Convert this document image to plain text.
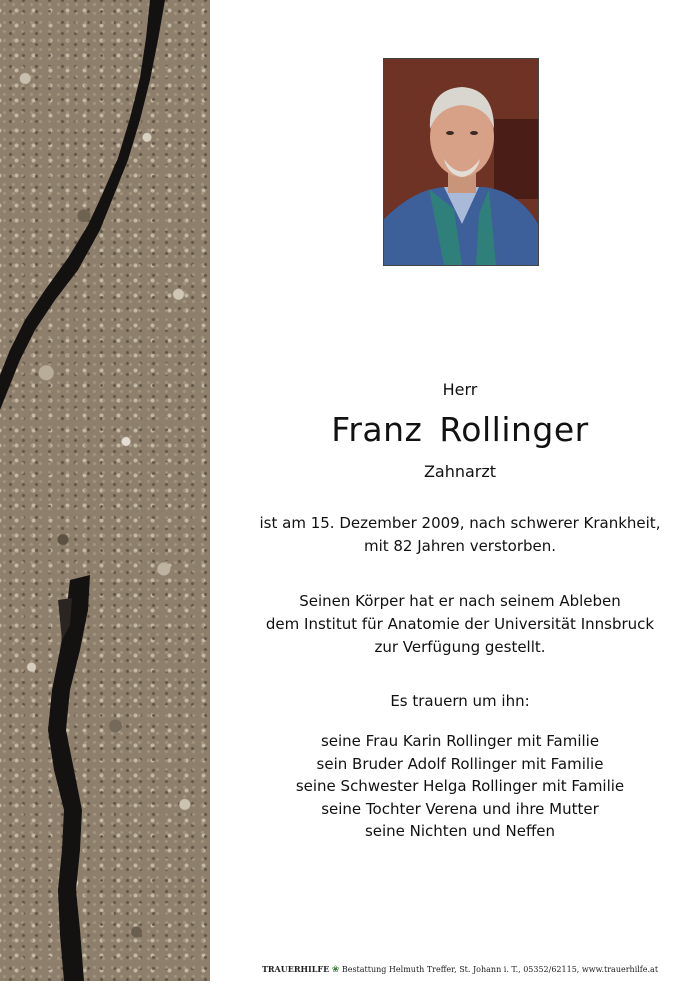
Herr
Franz Rollinger
Zahnarzt
ist am 15. Dezember 2009, nach schwerer Krankheit,
mit 82 Jahren verstorben.
Seinen Körper hat er nach seinem Ableben
dem Institut für Anatomie der Universität Innsbruck
zur Verfügung gestellt.
Es trauern um ihn:
seine Frau Karin Rollinger mit Familie
sein Bruder Adolf Rollinger mit Familie
seine Schwester Helga Rollinger mit Familie
seine Tochter Verena und ihre Mutter
seine Nichten und Neffen
TRAUERHILFE ❀ Bestattung Helmuth Treffer, St. Johann i. T., 05352/62115, www.trauerhilfe.at
